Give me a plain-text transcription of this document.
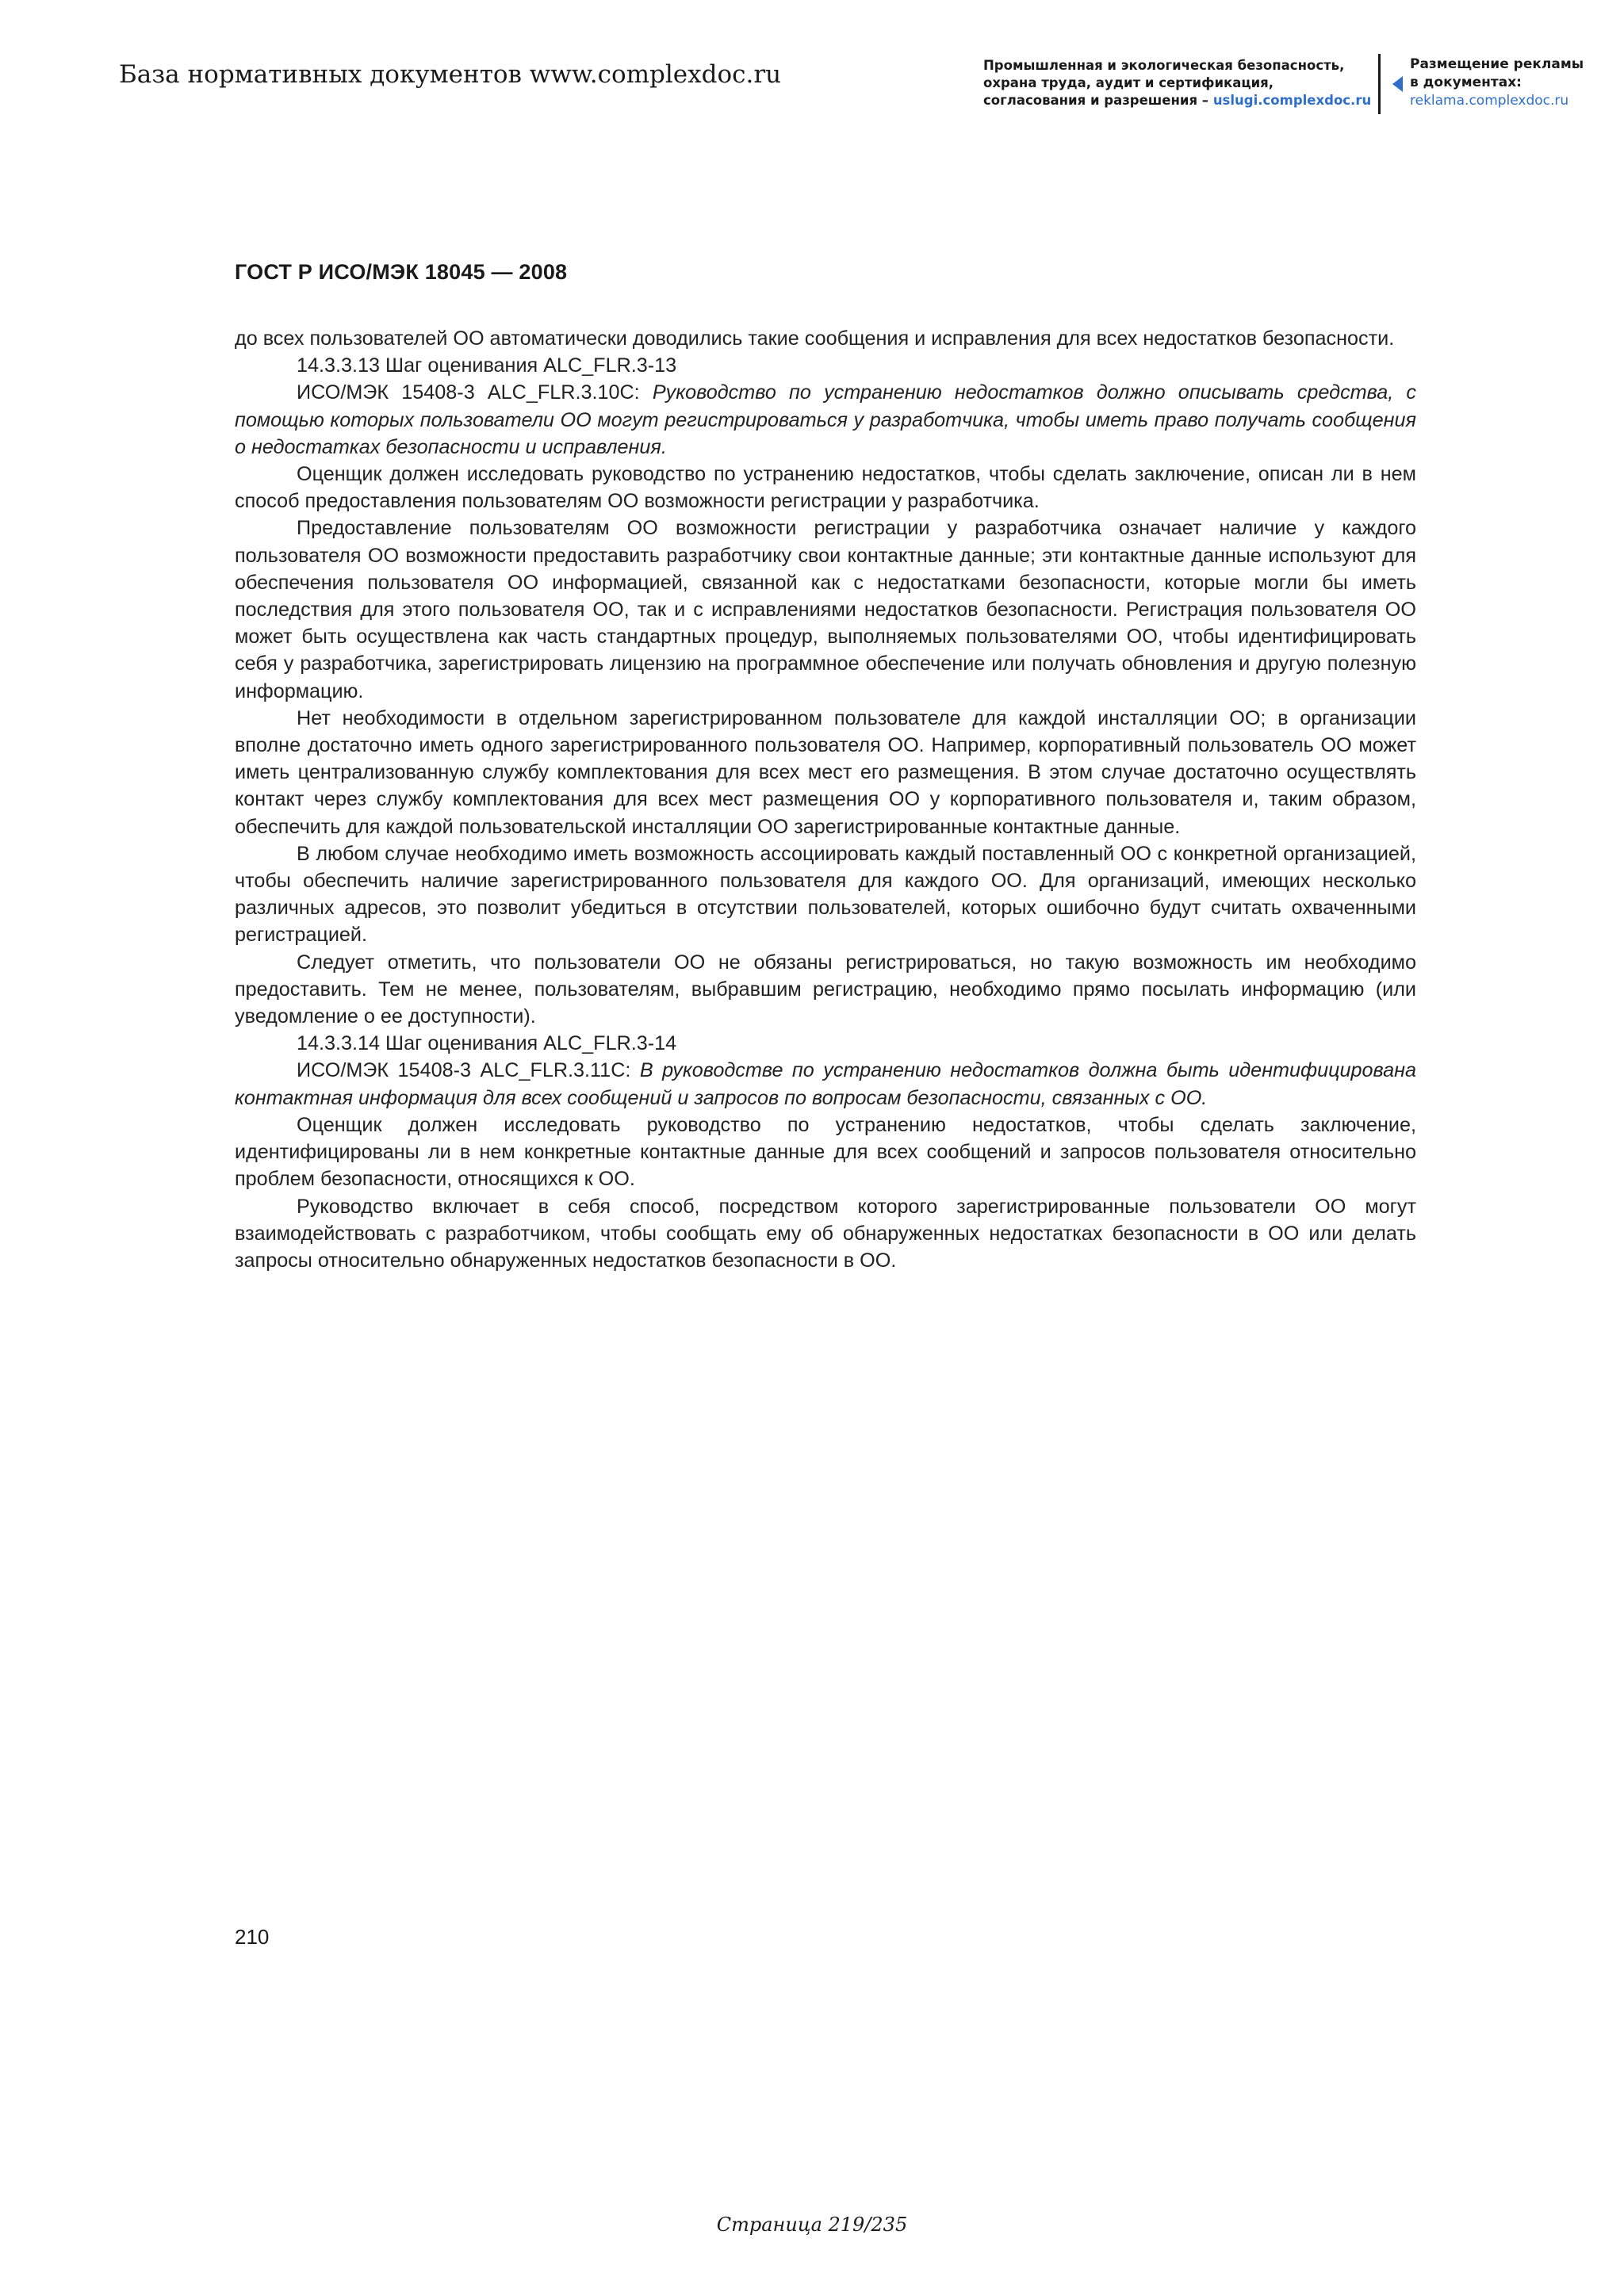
База нормативных документов www.complexdoc.ru	Промышленная и экологическая безопасность,
охрана труда, аудит и сертификация,
согласования и разрешения – uslugi.complexdoc.ru
Размещение рекламы
в документах:
reklama.complexdoc.ru
ГОСТ Р ИСО/МЭК 18045 — 2008

до всех пользователей ОО автоматически доводились такие сообщения и исправления для всех недостатков безопасности.

14.3.3.13 Шаг оценивания ALC_FLR.3-13

ИСО/МЭК 15408-3 ALC_FLR.3.10C: Руководство по устранению недостатков должно описывать средства, с помощью которых пользователи ОО могут регистрироваться у разработчика, чтобы иметь право получать сообщения о недостатках безопасности и исправления.

Оценщик должен исследовать руководство по устранению недостатков, чтобы сделать заключение, описан ли в нем способ предоставления пользователям ОО возможности регистрации у разработчика.

Предоставление пользователям ОО возможности регистрации у разработчика означает наличие у каждого пользователя ОО возможности предоставить разработчику свои контактные данные; эти контактные данные используют для обеспечения пользователя ОО информацией, связанной как с недостатками безопасности, которые могли бы иметь последствия для этого пользователя ОО, так и с исправлениями недостатков безопасности. Регистрация пользователя ОО может быть осуществлена как часть стандартных процедур, выполняемых пользователями ОО, чтобы идентифицировать себя у разработчика, зарегистрировать лицензию на программное обеспечение или получать обновления и другую полезную информацию.

Нет необходимости в отдельном зарегистрированном пользователе для каждой инсталляции ОО; в организации вполне достаточно иметь одного зарегистрированного пользователя ОО. Например, корпоративный пользователь ОО может иметь централизованную службу комплектования для всех мест его размещения. В этом случае достаточно осуществлять контакт через службу комплектования для всех мест размещения ОО у корпоративного пользователя и, таким образом, обеспечить для каждой пользовательской инсталляции ОО зарегистрированные контактные данные.

В любом случае необходимо иметь возможность ассоциировать каждый поставленный ОО с конкретной организацией, чтобы обеспечить наличие зарегистрированного пользователя для каждого ОО. Для организаций, имеющих несколько различных адресов, это позволит убедиться в отсутствии пользователей, которых ошибочно будут считать охваченными регистрацией.

Следует отметить, что пользователи ОО не обязаны регистрироваться, но такую возможность им необходимо предоставить. Тем не менее, пользователям, выбравшим регистрацию, необходимо прямо посылать информацию (или уведомление о ее доступности).

14.3.3.14 Шаг оценивания ALC_FLR.3-14

ИСО/МЭК 15408-3 ALC_FLR.3.11C: В руководстве по устранению недостатков должна быть идентифицирована контактная информация для всех сообщений и запросов по вопросам безопасности, связанных с ОО.

Оценщик должен исследовать руководство по устранению недостатков, чтобы сделать заключение, идентифицированы ли в нем конкретные контактные данные для всех сообщений и запросов пользователя относительно проблем безопасности, относящихся к ОО.

Руководство включает в себя способ, посредством которого зарегистрированные пользователи ОО могут взаимодействовать с разработчиком, чтобы сообщать ему об обнаруженных недостатках безопасности в ОО или делать запросы относительно обнаруженных недостатков безопасности в ОО.

210
Страница 219/235
